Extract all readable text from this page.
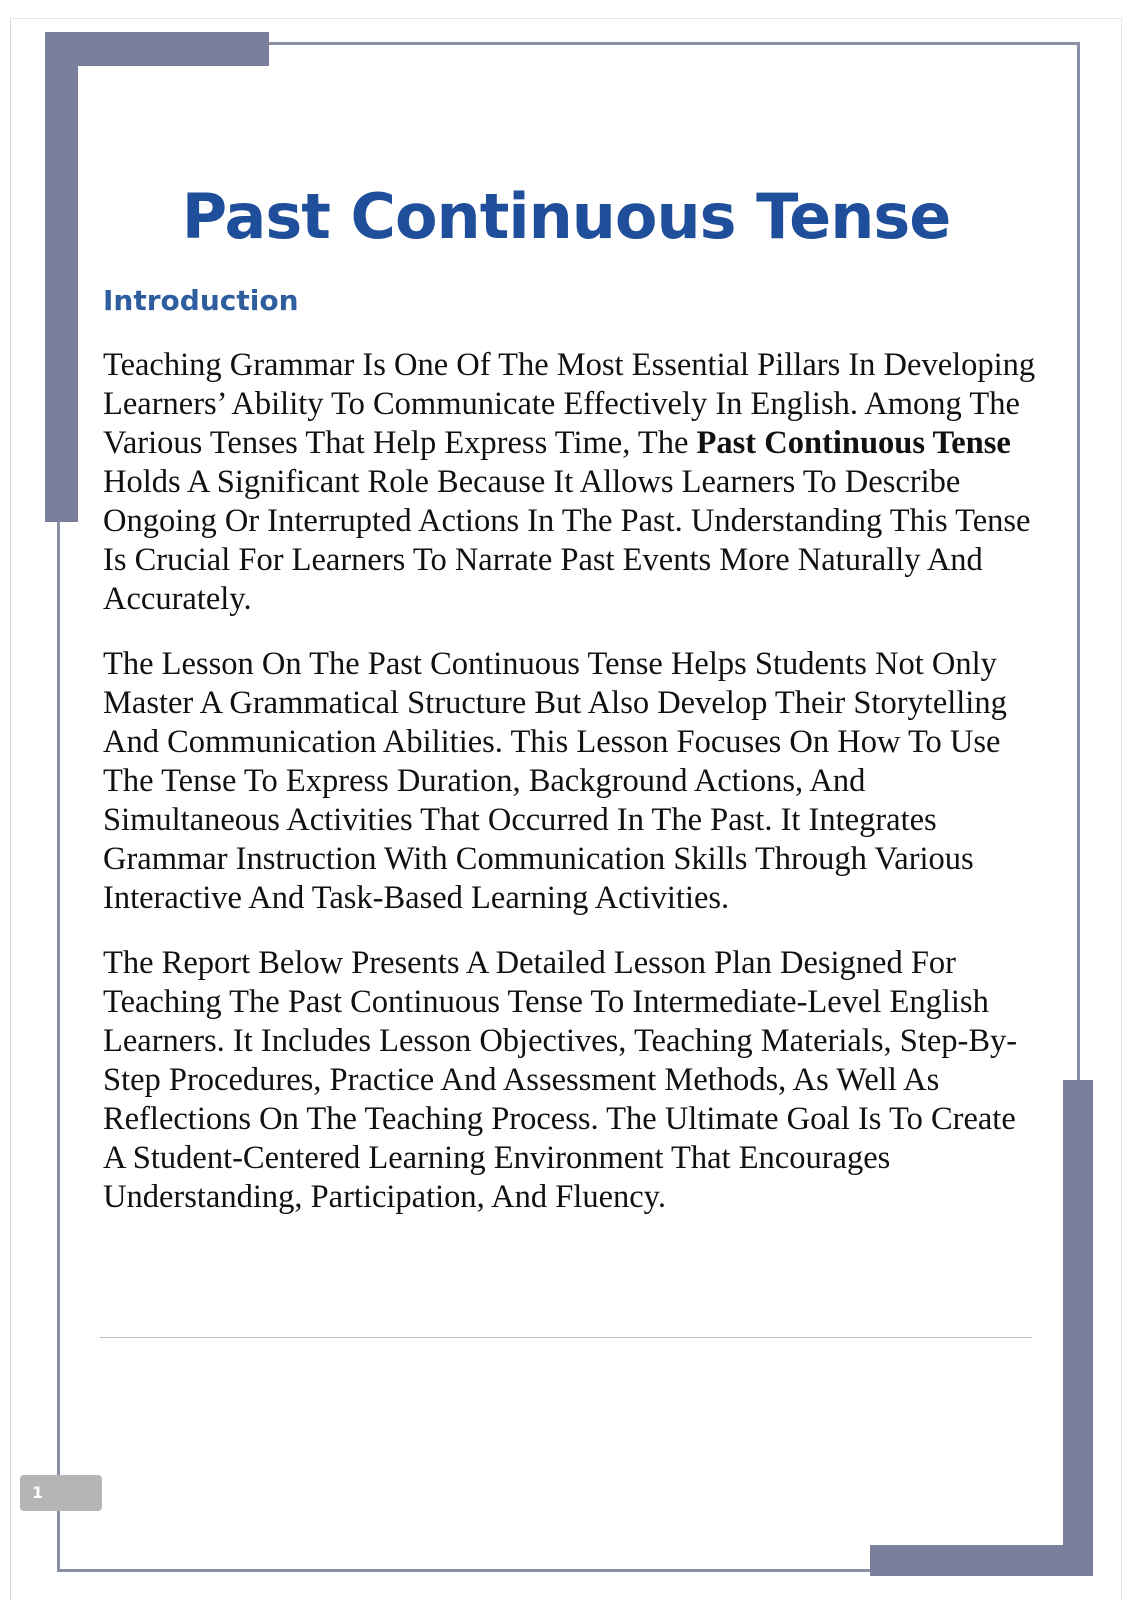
Past Continuous Tense
Introduction

Teaching Grammar Is One Of The Most Essential Pillars In Developing Learners’ Ability To Communicate Effectively In English. Among The Various Tenses That Help Express Time, The Past Continuous Tense Holds A Significant Role Because It Allows Learners To Describe Ongoing Or Interrupted Actions In The Past. Understanding This Tense Is Crucial For Learners To Narrate Past Events More Naturally And Accurately.

The Lesson On The Past Continuous Tense Helps Students Not Only Master A Grammatical Structure But Also Develop Their Storytelling And Communication Abilities. This Lesson Focuses On How To Use The Tense To Express Duration, Background Actions, And Simultaneous Activities That Occurred In The Past. It Integrates Grammar Instruction With Communication Skills Through Various Interactive And Task-Based Learning Activities.

The Report Below Presents A Detailed Lesson Plan Designed For Teaching The Past Continuous Tense To Intermediate-Level English Learners. It Includes Lesson Objectives, Teaching Materials, Step-By-Step Procedures, Practice And Assessment Methods, As Well As Reflections On The Teaching Process. The Ultimate Goal Is To Create A Student-Centered Learning Environment That Encourages Understanding, Participation, And Fluency.

1
